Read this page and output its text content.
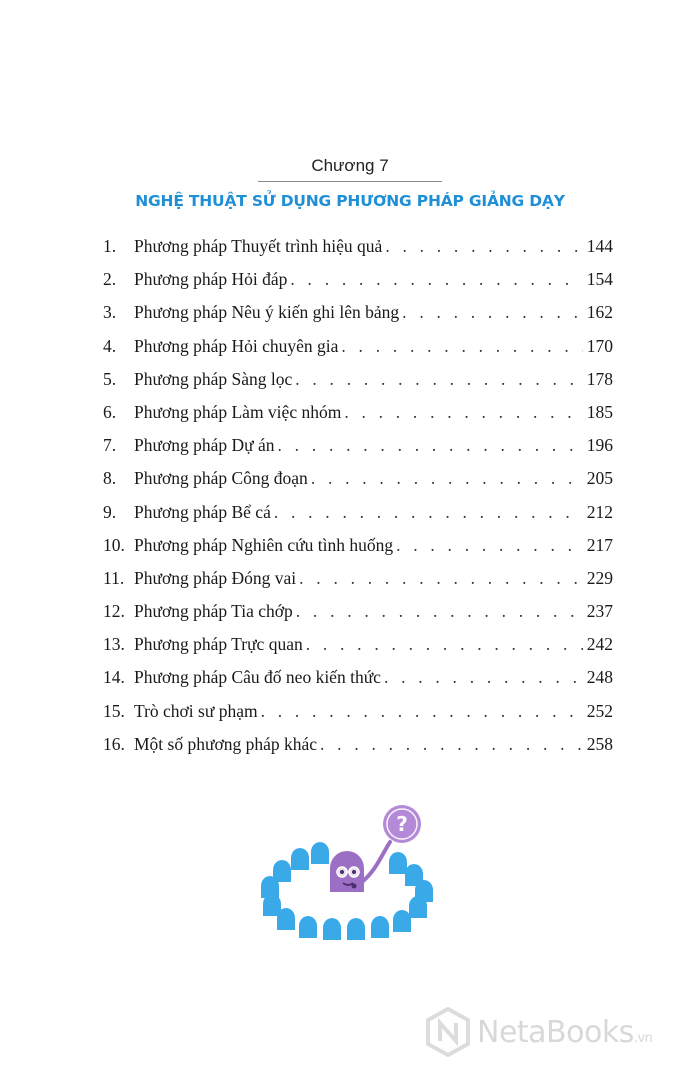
Chương 7
NGHỆ THUẬT SỬ DỤNG PHƯƠNG PHÁP GIẢNG DẠY
1.	Phương pháp Thuyết trình hiệu quả . . .	144
2.	Phương pháp Hỏi đáp . . .	154
3.	Phương pháp Nêu ý kiến ghi lên bảng . . .	162
4.	Phương pháp Hỏi chuyên gia . . .	170
5.	Phương pháp Sàng lọc . . .	178
6.	Phương pháp Làm việc nhóm . . .	185
7.	Phương pháp Dự án . . .	196
8.	Phương pháp Công đoạn . . .	205
9.	Phương pháp Bể cá . . .	212
10. Phương pháp Nghiên cứu tình huống . . .	217
11. Phương pháp Đóng vai . . .	229
12. Phương pháp Tia chớp . . .	237
13. Phương pháp Trực quan . . .	242
14. Phương pháp Câu đố neo kiến thức . . .	248
15. Trò chơi sư phạm . . .	252
16. Một số phương pháp khác . . .	258
?
NetaBooks.vn
